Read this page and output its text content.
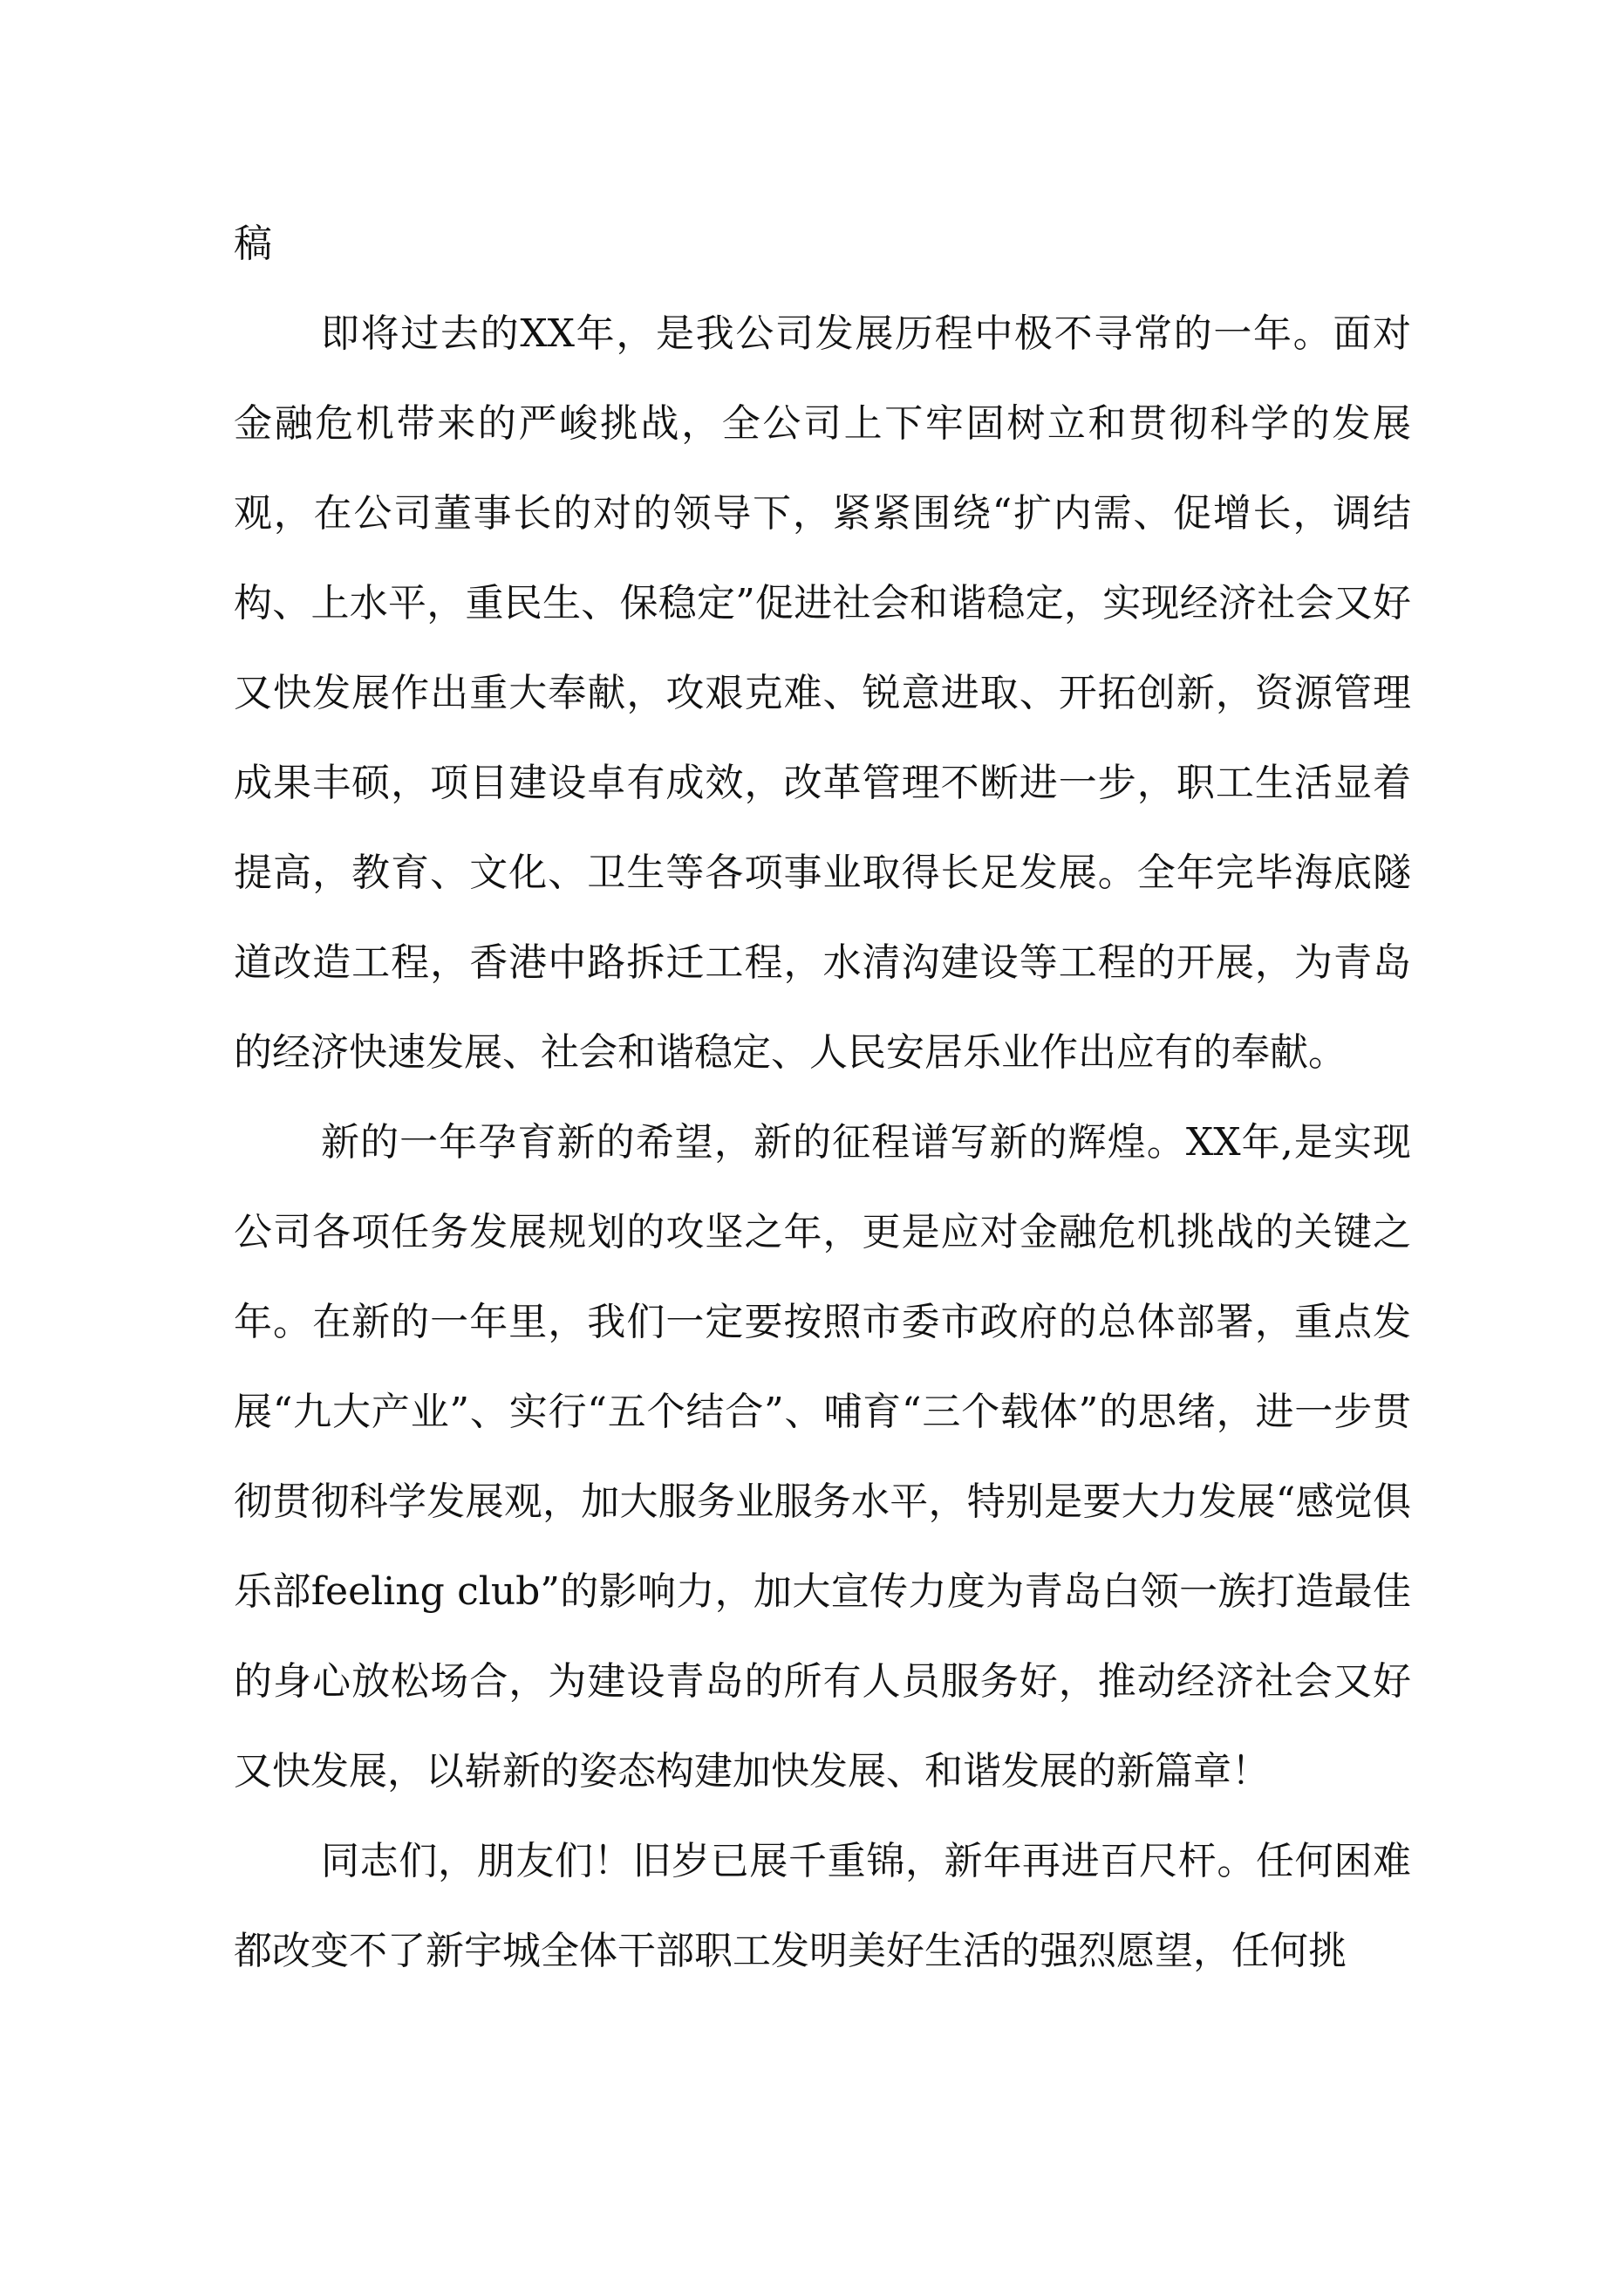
稿

即将过去的XX年，是我公司发展历程中极不寻常的一年。面对金融危机带来的严峻挑战，全公司上下牢固树立和贯彻科学的发展观，在公司董事长的对的领导下，紧紧围绕“扩内需、促增长，调结构、上水平，重民生、保稳定”促进社会和谐稳定，实现经济社会又好又快发展作出重大奉献，攻艰克难、锐意进取、开拓创新，资源管理成果丰硕，项目建设卓有成效，改革管理不断进一步，职工生活显着提高，教育、文化、卫生等各项事业取得长足发展。全年完毕海底隧道改造工程，香港中路拆迁工程，水清沟建设等工程的开展，为青岛的经济快速发展、社会和谐稳定、人民安居乐业作出应有的奉献。

新的一年孕育新的希望，新的征程谱写新的辉煌。XX年,是实现公司各项任务发展规划的攻坚之年，更是应对金融危机挑战的关键之年。在新的一年里，我们一定要按照市委市政府的总体部署，重点发展“九大产业”、实行“五个结合”、哺育“三个载体”的思绪，进一步贯彻贯彻科学发展观，加大服务业服务水平，特别是要大力发展“感觉俱乐部feeling club”的影响力，加大宣传力度为青岛白领一族打造最佳的身心放松场合，为建设青岛的所有人员服务好，推动经济社会又好又快发展，以崭新的姿态构建加快发展、和谐发展的新篇章！

同志们，朋友们！旧岁已展千重锦，新年再进百尺杆。任何困难都改变不了新宇城全体干部职工发明美好生活的强烈愿望，任何挑
